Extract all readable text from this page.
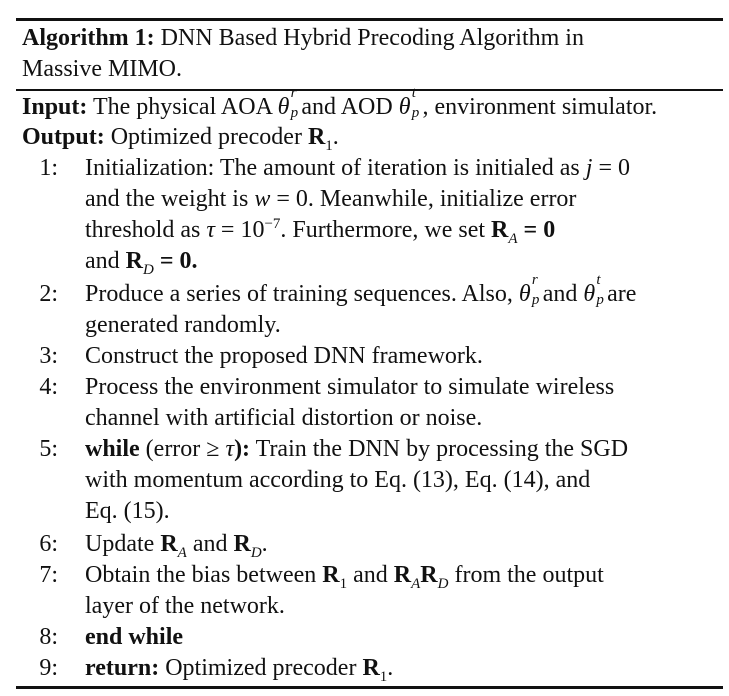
Algorithm 1: DNN Based Hybrid Precoding Algorithm in
Massive MIMO.
Input: The physical AOA θ
r
p and AOD θ
t
p , environment simulator.
Output: Optimized precoder $R_1$.
1: Initialization: The amount of iteration is initialed as j = 0
and the weight is w = 0. Meanwhile, initialize error
threshold as $\tau = 10^{-7}$. Furthermore, we set $R_A = 0$
and $R_D = 0$.
2: Produce a series of training sequences. Also, θ
r
p and θ
t
p are
generated randomly.
3: Construct the proposed DNN framework.
4: Process the environment simulator to simulate wireless
channel with artificial distortion or noise.
5: while (error ≥ τ): Train the DNN by processing the SGD
with momentum according to Eq. (13), Eq. (14), and
Eq. (15).
6: Update $R_A$ and $R_D$.
7: Obtain the bias between $R_1$ and $R_AR_D$ from the output
layer of the network.
8: end while
9: return: Optimized precoder $R_1$.
